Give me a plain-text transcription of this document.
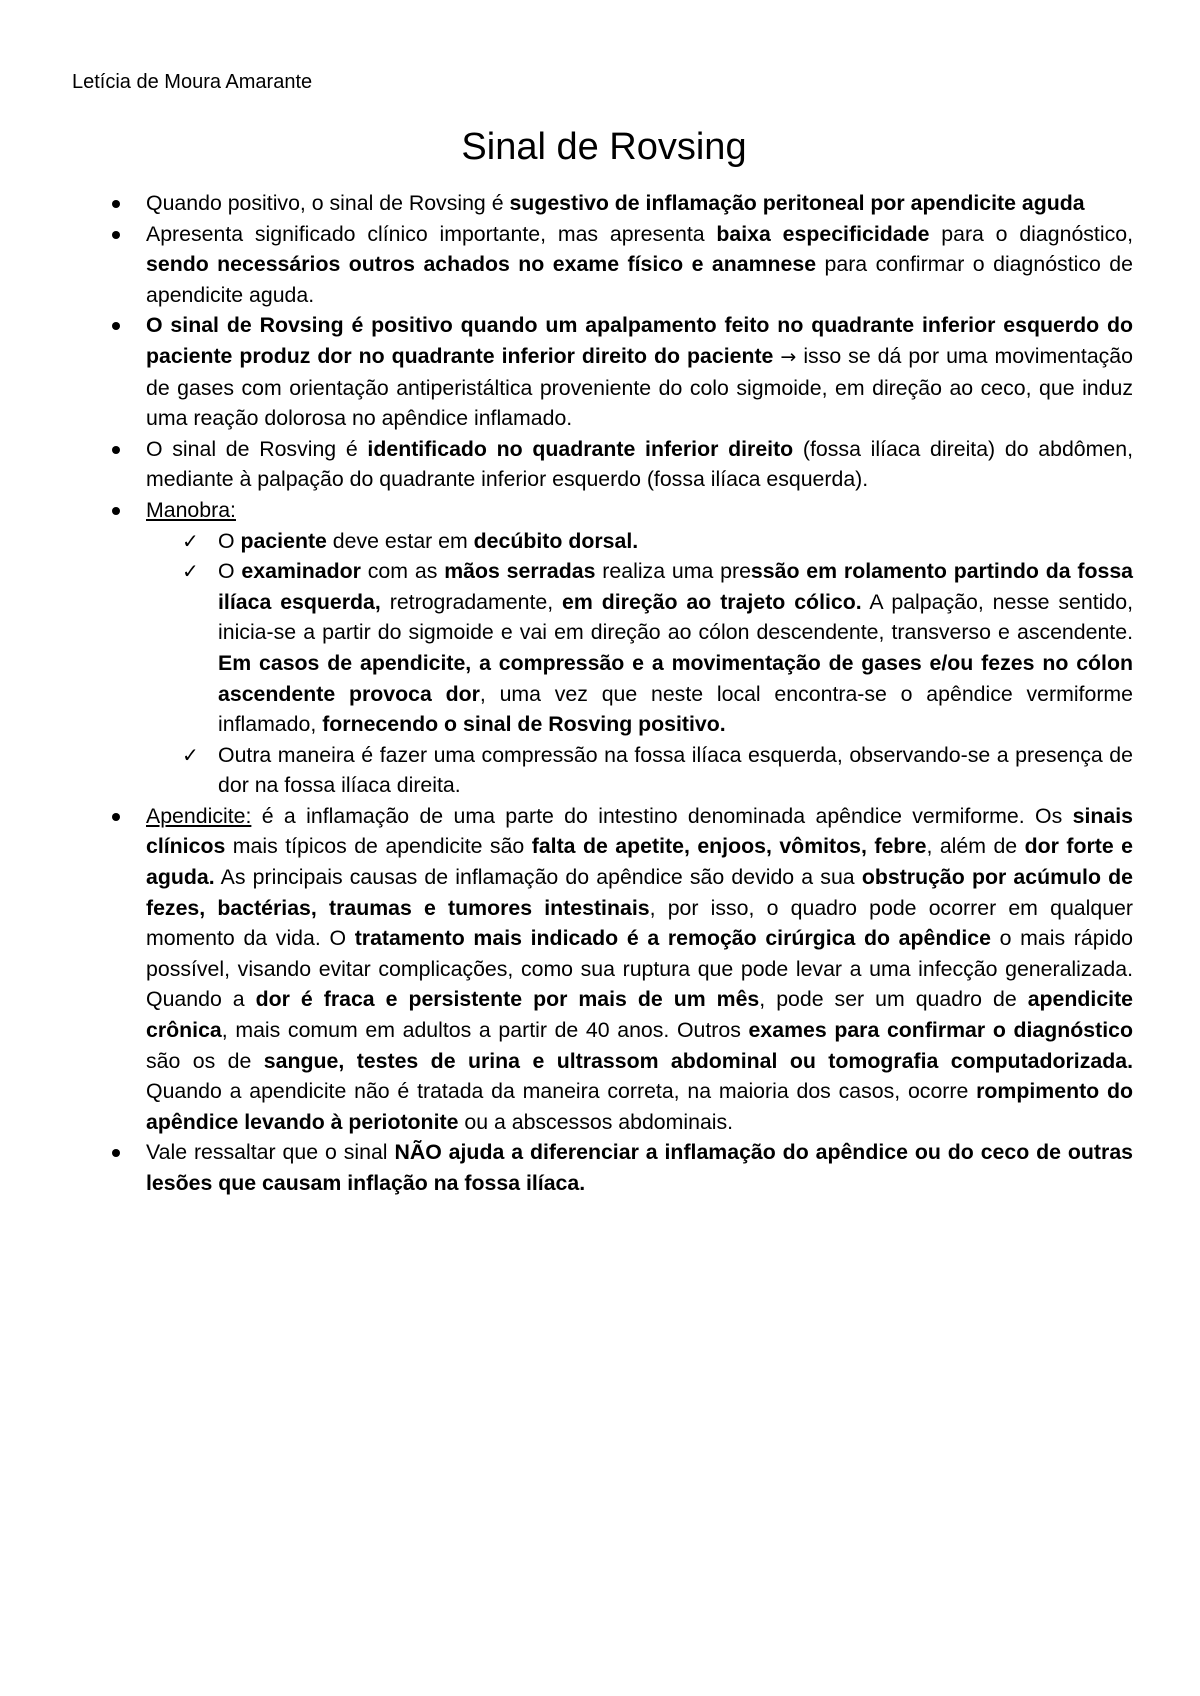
Letícia de Moura Amarante
Sinal de Rovsing
Quando positivo, o sinal de Rovsing é sugestivo de inflamação peritoneal por apendicite aguda
Apresenta significado clínico importante, mas apresenta baixa especificidade para o diagnóstico, sendo necessários outros achados no exame físico e anamnese para confirmar o diagnóstico de apendicite aguda.
O sinal de Rovsing é positivo quando um apalpamento feito no quadrante inferior esquerdo do paciente produz dor no quadrante inferior direito do paciente → isso se dá por uma movimentação de gases com orientação antiperistáltica proveniente do colo sigmoide, em direção ao ceco, que induz uma reação dolorosa no apêndice inflamado.
O sinal de Rosving é identificado no quadrante inferior direito (fossa ilíaca direita) do abdômen, mediante à palpação do quadrante inferior esquerdo (fossa ilíaca esquerda).
Manobra:
✓ O paciente deve estar em decúbito dorsal.
✓ O examinador com as mãos serradas realiza uma pressão em rolamento partindo da fossa ilíaca esquerda, retrogradamente, em direção ao trajeto cólico. A palpação, nesse sentido, inicia-se a partir do sigmoide e vai em direção ao cólon descendente, transverso e ascendente. Em casos de apendicite, a compressão e a movimentação de gases e/ou fezes no cólon ascendente provoca dor, uma vez que neste local encontra-se o apêndice vermiforme inflamado, fornecendo o sinal de Rosving positivo.
✓ Outra maneira é fazer uma compressão na fossa ilíaca esquerda, observando-se a presença de dor na fossa ilíaca direita.
Apendicite: é a inflamação de uma parte do intestino denominada apêndice vermiforme. Os sinais clínicos mais típicos de apendicite são falta de apetite, enjoos, vômitos, febre, além de dor forte e aguda. As principais causas de inflamação do apêndice são devido a sua obstrução por acúmulo de fezes, bactérias, traumas e tumores intestinais, por isso, o quadro pode ocorrer em qualquer momento da vida. O tratamento mais indicado é a remoção cirúrgica do apêndice o mais rápido possível, visando evitar complicações, como sua ruptura que pode levar a uma infecção generalizada. Quando a dor é fraca e persistente por mais de um mês, pode ser um quadro de apendicite crônica, mais comum em adultos a partir de 40 anos. Outros exames para confirmar o diagnóstico são os de sangue, testes de urina e ultrassom abdominal ou tomografia computadorizada. Quando a apendicite não é tratada da maneira correta, na maioria dos casos, ocorre rompimento do apêndice levando à periotonite ou a abscessos abdominais.
Vale ressaltar que o sinal NÃO ajuda a diferenciar a inflamação do apêndice ou do ceco de outras lesões que causam inflação na fossa ilíaca.
